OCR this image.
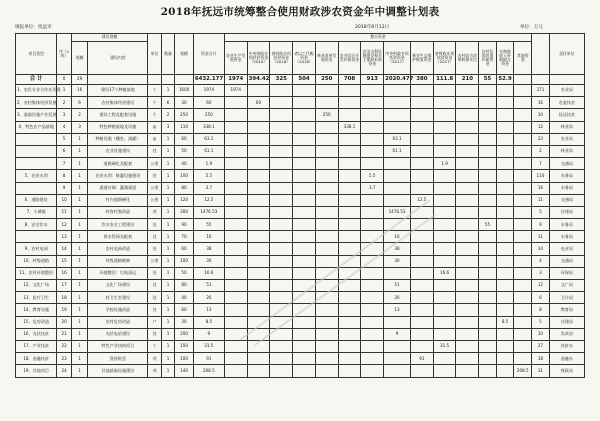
2018年抚远市统筹整合使用财政涉农资金年中调整计划表
填报单位：抚远市	2018年8月12日	单位：万元
项目类型	序（1项）	建设规模		单位	数量	规模	资金合计	整合资金															责任单位
		规模	建设内容					农业生产发展资金	中央财政专项扶贫资金（2018）	省财政专项扶贫资金（2018）	省以工代赈资金（2018）	林业改革发展资金	农业综合开发补助资金	农田水利设施建设和水土保持补助资金	中央财政专项扶贫资金（2017）	林业生态保护恢复资金	省财政专项扶贫资金（2017）	农村综合改革转移支付	农村危房改造补助资金	车购税收入补助地方资金	其他资金		
合 计	0	29					6432.177	1974	394.42	325	504	250	708	913	2020.477	380	111.8	210	55	52.9			
1、农民专业合作社发展	1	16	建设17个种植基地	个	1	1600	1974	1974														371	农业局
2、农村集体经济发展	2	6	农村集体经济建设	个	6	30	60		60													16	农委扶贫
3、基础设施产业发展	3	2	建设工程及配套设施	个	2	250	250					250										10	抚远扶贫
4、特色农产品基地	4	3	特色种植基地及设施	亩	3	110	338.1						338.1									12	林业局
	5	1	种植设施（棚室、滴灌）	亩	1	60	63.1								63.1							23	农业局
	6	1	农业设施建设	处	1	50	61.1								61.1							2	林业局
	7	1	道路硬化及配套	公里	1	40	1.9										1.9					7	交通局
5、农田水利	8	1	农田水利：排灌设施建设	处	1	100	5.5							5.5								110	水务局
	9	1	渠道衬砌：灌溉渠道	公里	1	80	3.7							3.7								16	水务局
6、道路建设	10	1	村内道路硬化	公里	1	120	12.5									12.5						11	交通局
7、小城镇	11	1	村容村貌改造	项	1	300	1476.53								1476.53							5	住建局
8、安全饮水	12	1	饮水安全工程建设	处	1	90	55												55			9	水务局
	13	1	供水管网及配套	处	1	70	16								16							11	水务局
9、农村电网	14	1	农村电网改造	处	1	60	38								38							14	电业局
10、村级道路	15	1	村级道路维修	公里	1	100	30								30							4	交通局
11、农村环境整治	16	1	环境整治：垃圾清运	处	1	50	16.6										16.6					3	环保局
12、文化广场	17	1	文化广场建设	处	1	80	51								51							12	文广局
13、医疗卫生	18	1	村卫生室建设	处	1	40	26								26							6	卫计局
14、教育设施	19	1	学校设施改造	处	1	60	13								13							8	教育局
15、危房改造	20	1	农村危房改造	户	1	30	8.5													8.5		5	住建局
16、光伏扶贫	21	1	光伏电站建设	处	1	200	9								9							10	发改局
17、产业扶贫	22	1	特色产业扶持项目	个	1	150	31.5										31.5					27	扶贫办
18、金融扶贫	23	1	贷款贴息	项	1	100	91									91						18	金融办
19、其他项目	24	1	其他基础设施建设	项	1	140	208.5														208.5	31	财政局
